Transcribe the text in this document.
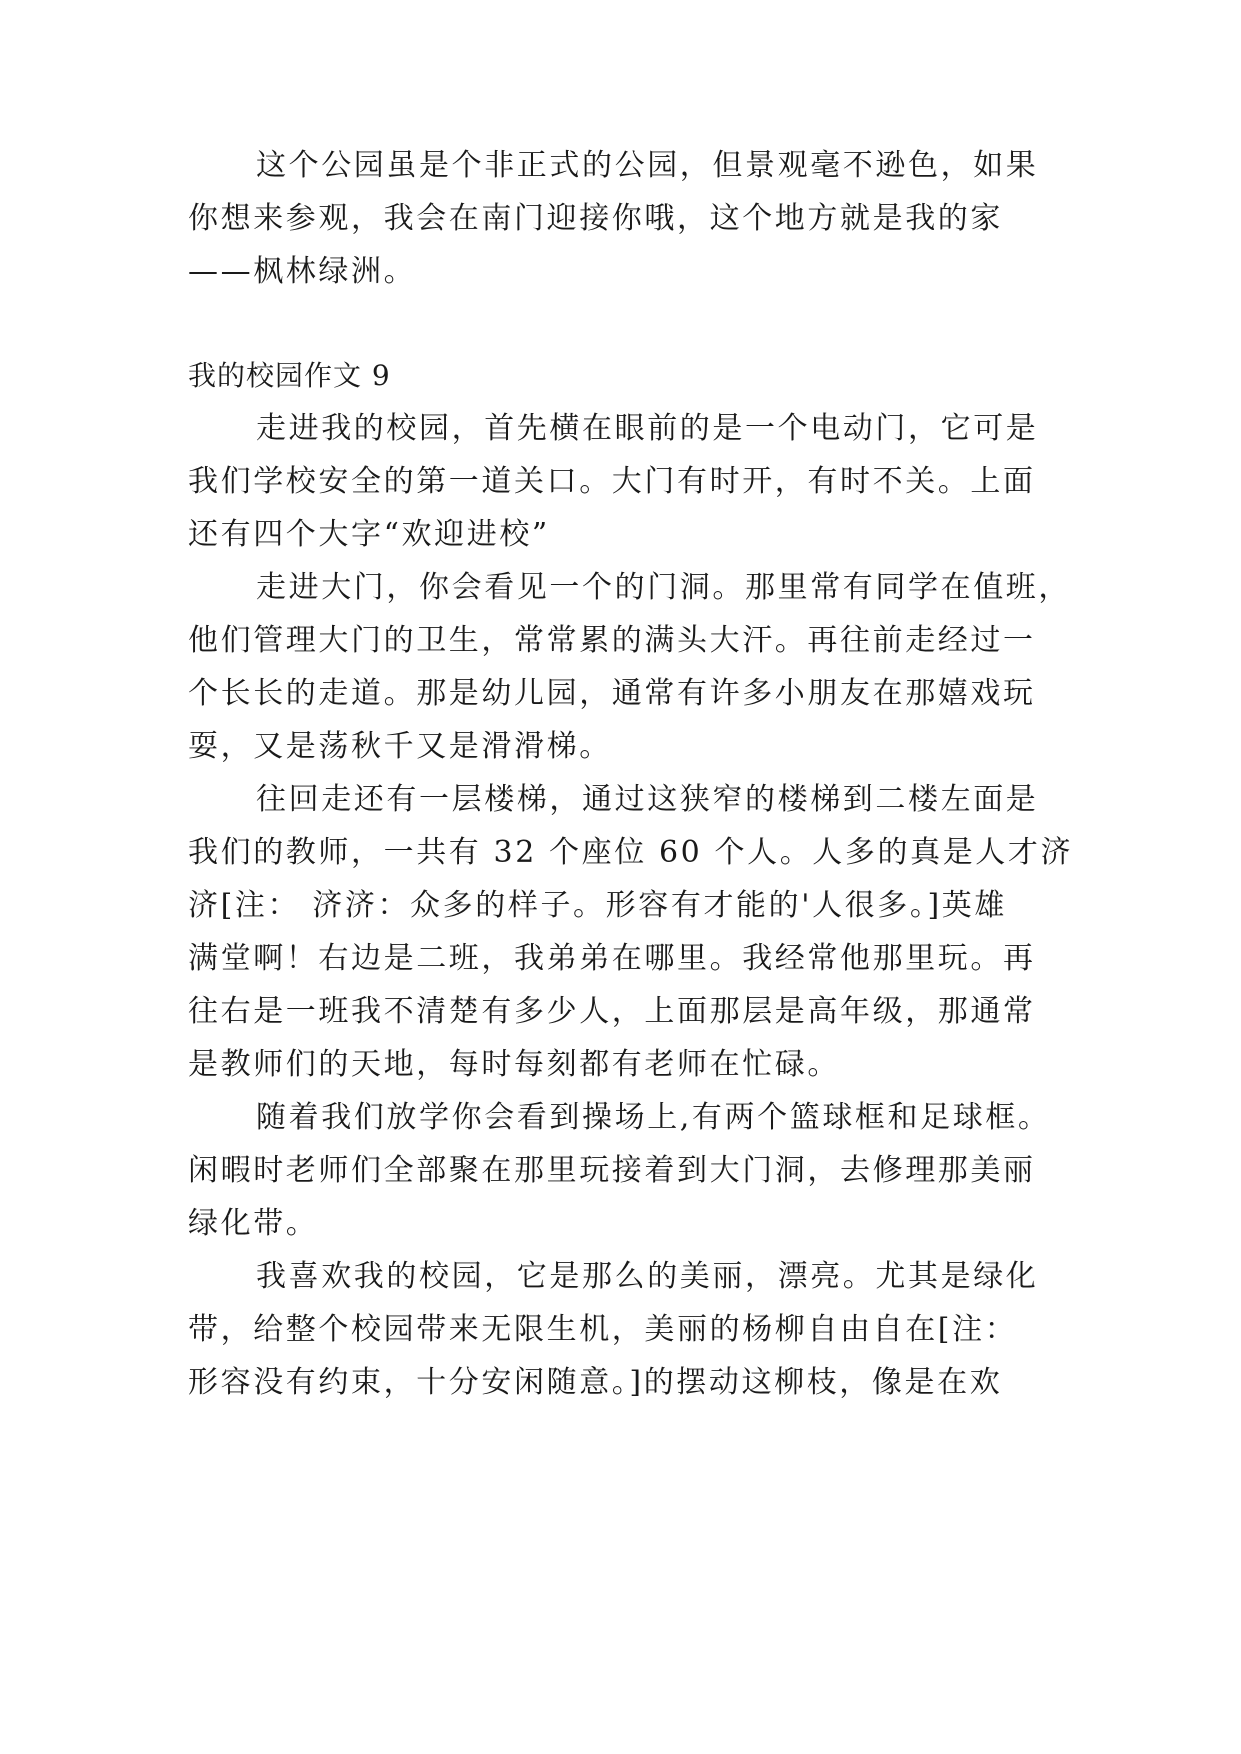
这个公园虽是个非正式的公园，但景观毫不逊色，如果
你想来参观，我会在南门迎接你哦，这个地方就是我的家
——枫林绿洲。
我的校园作文 9
走进我的校园，首先横在眼前的是一个电动门，它可是
我们学校安全的第一道关口。大门有时开，有时不关。上面
还有四个大字“欢迎进校”
走进大门，你会看见一个的门洞。那里常有同学在值班，
他们管理大门的卫生，常常累的满头大汗。再往前走经过一
个长长的走道。那是幼儿园，通常有许多小朋友在那嬉戏玩
耍，又是荡秋千又是滑滑梯。
往回走还有一层楼梯，通过这狭窄的楼梯到二楼左面是
我们的教师，一共有 32 个座位 60 个人。人多的真是人才济
济[注： 济济：众多的样子。形容有才能的'人很多。]英雄
满堂啊！右边是二班，我弟弟在哪里。我经常他那里玩。再
往右是一班我不清楚有多少人，上面那层是高年级，那通常
是教师们的天地，每时每刻都有老师在忙碌。
随着我们放学你会看到操场上,有两个篮球框和足球框。
闲暇时老师们全部聚在那里玩接着到大门洞，去修理那美丽
绿化带。
我喜欢我的校园，它是那么的美丽，漂亮。尤其是绿化
带，给整个校园带来无限生机，美丽的杨柳自由自在[注：
形容没有约束，十分安闲随意。]的摆动这柳枝，像是在欢
